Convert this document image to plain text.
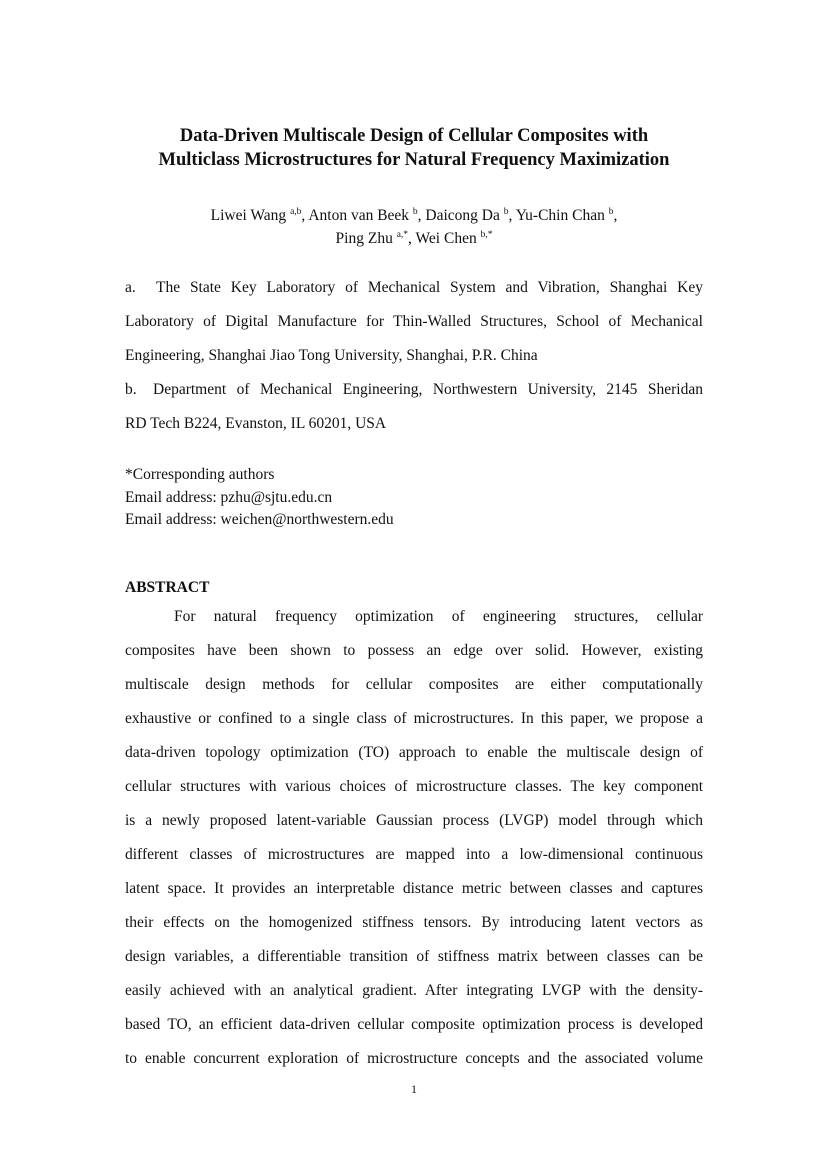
Data-Driven Multiscale Design of Cellular Composites with
Multiclass Microstructures for Natural Frequency Maximization
Liwei Wang $^{a,b}$, Anton van Beek $^b$, Daicong Da $^b$, Yu-Chin Chan $^b$,
Ping Zhu $^{a,*}$, Wei Chen $^{b,*}$
a. The State Key Laboratory of Mechanical System and Vibration, Shanghai Key
Laboratory of Digital Manufacture for Thin-Walled Structures, School of Mechanical
Engineering, Shanghai Jiao Tong University, Shanghai, P.R. China
b. Department of Mechanical Engineering, Northwestern University, 2145 Sheridan
RD Tech B224, Evanston, IL 60201, USA
*Corresponding authors
Email address: pzhu@sjtu.edu.cn
Email address: weichen@northwestern.edu
ABSTRACT
For natural frequency optimization of engineering structures, cellular
composites have been shown to possess an edge over solid. However, existing
multiscale design methods for cellular composites are either computationally
exhaustive or confined to a single class of microstructures. In this paper, we propose a
data-driven topology optimization (TO) approach to enable the multiscale design of
cellular structures with various choices of microstructure classes. The key component
is a newly proposed latent-variable Gaussian process (LVGP) model through which
different classes of microstructures are mapped into a low-dimensional continuous
latent space. It provides an interpretable distance metric between classes and captures
their effects on the homogenized stiffness tensors. By introducing latent vectors as
design variables, a differentiable transition of stiffness matrix between classes can be
easily achieved with an analytical gradient. After integrating LVGP with the density-
based TO, an efficient data-driven cellular composite optimization process is developed
to enable concurrent exploration of microstructure concepts and the associated volume
1
